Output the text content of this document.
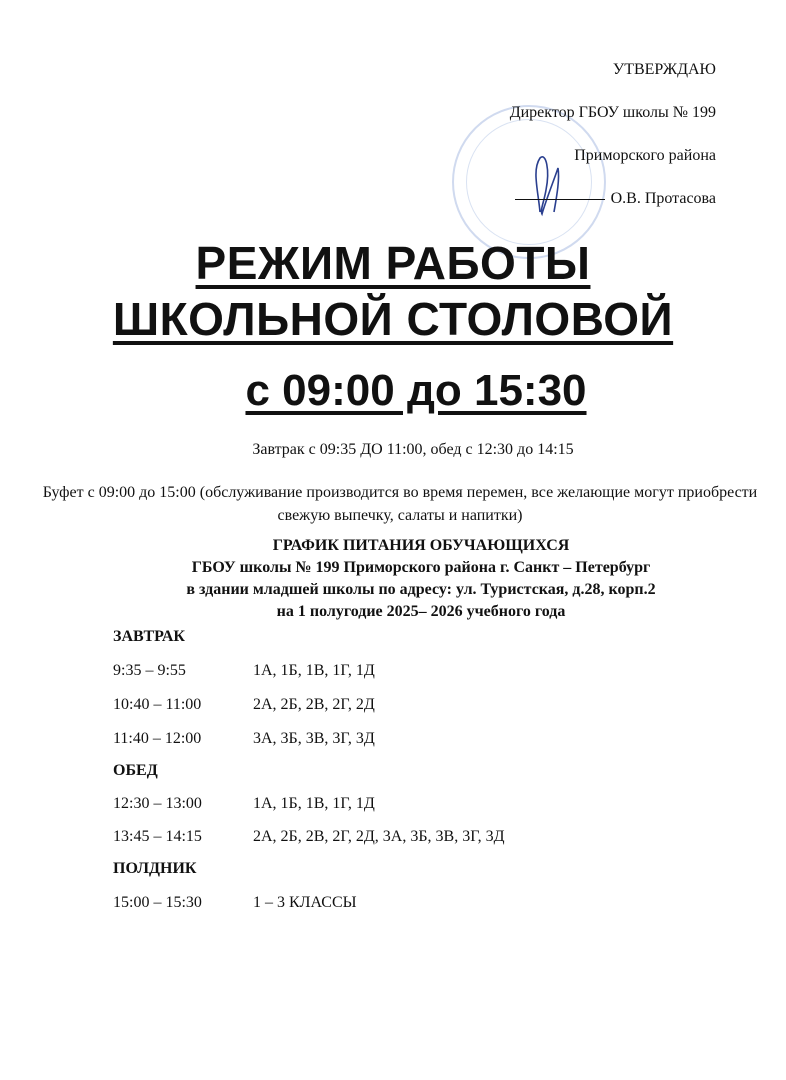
УТВЕРЖДАЮ
Директор ГБОУ школы № 199
Приморского района
О.В. Протасова
РЕЖИМ РАБОТЫ
ШКОЛЬНОЙ СТОЛОВОЙ
с 09:00 до 15:30
Завтрак с 09:35 ДО 11:00, обед с 12:30 до 14:15
Буфет с 09:00 до 15:00 (обслуживание производится во время перемен, все желающие могут приобрести свежую выпечку, салаты и напитки)
ГРАФИК ПИТАНИЯ ОБУЧАЮЩИХСЯ
ГБОУ школы № 199 Приморского района г. Санкт – Петербург
в здании младшей школы по адресу: ул. Туристская, д.28, корп.2
на 1 полугодие 2025– 2026 учебного года
ЗАВТРАК
9:35 – 9:55	1А, 1Б, 1В, 1Г, 1Д
10:40 – 11:00	2А, 2Б, 2В, 2Г, 2Д
11:40 – 12:00	3А, 3Б, 3В, 3Г, 3Д
ОБЕД
12:30 – 13:00	1А, 1Б, 1В, 1Г, 1Д
13:45 – 14:15	2А, 2Б, 2В, 2Г, 2Д, 3А, 3Б, 3В, 3Г, 3Д
ПОЛДНИК
15:00 – 15:30	1 – 3 КЛАССЫ
